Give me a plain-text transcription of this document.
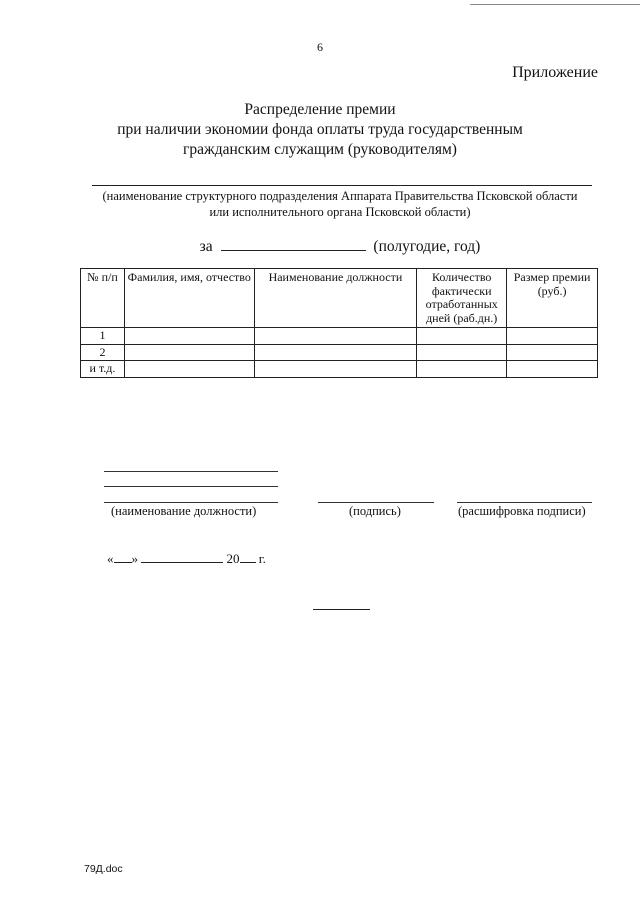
6
Приложение
Распределение премии
при наличии экономии фонда оплаты труда государственным
гражданским служащим (руководителям)
(наименование структурного подразделения Аппарата Правительства Псковской области
или исполнительного органа Псковской области)
за	(полугодие, год)
№ п/п	Фамилия, имя, отчество	Наименование должности	Количество фактически отработанных дней (раб.дн.)	Размер премии (руб.)
1				
2				
и т.д.				
(наименование должности)	(подпись)	(расшифровка подписи)
« »	20 г.
79Д.doc
